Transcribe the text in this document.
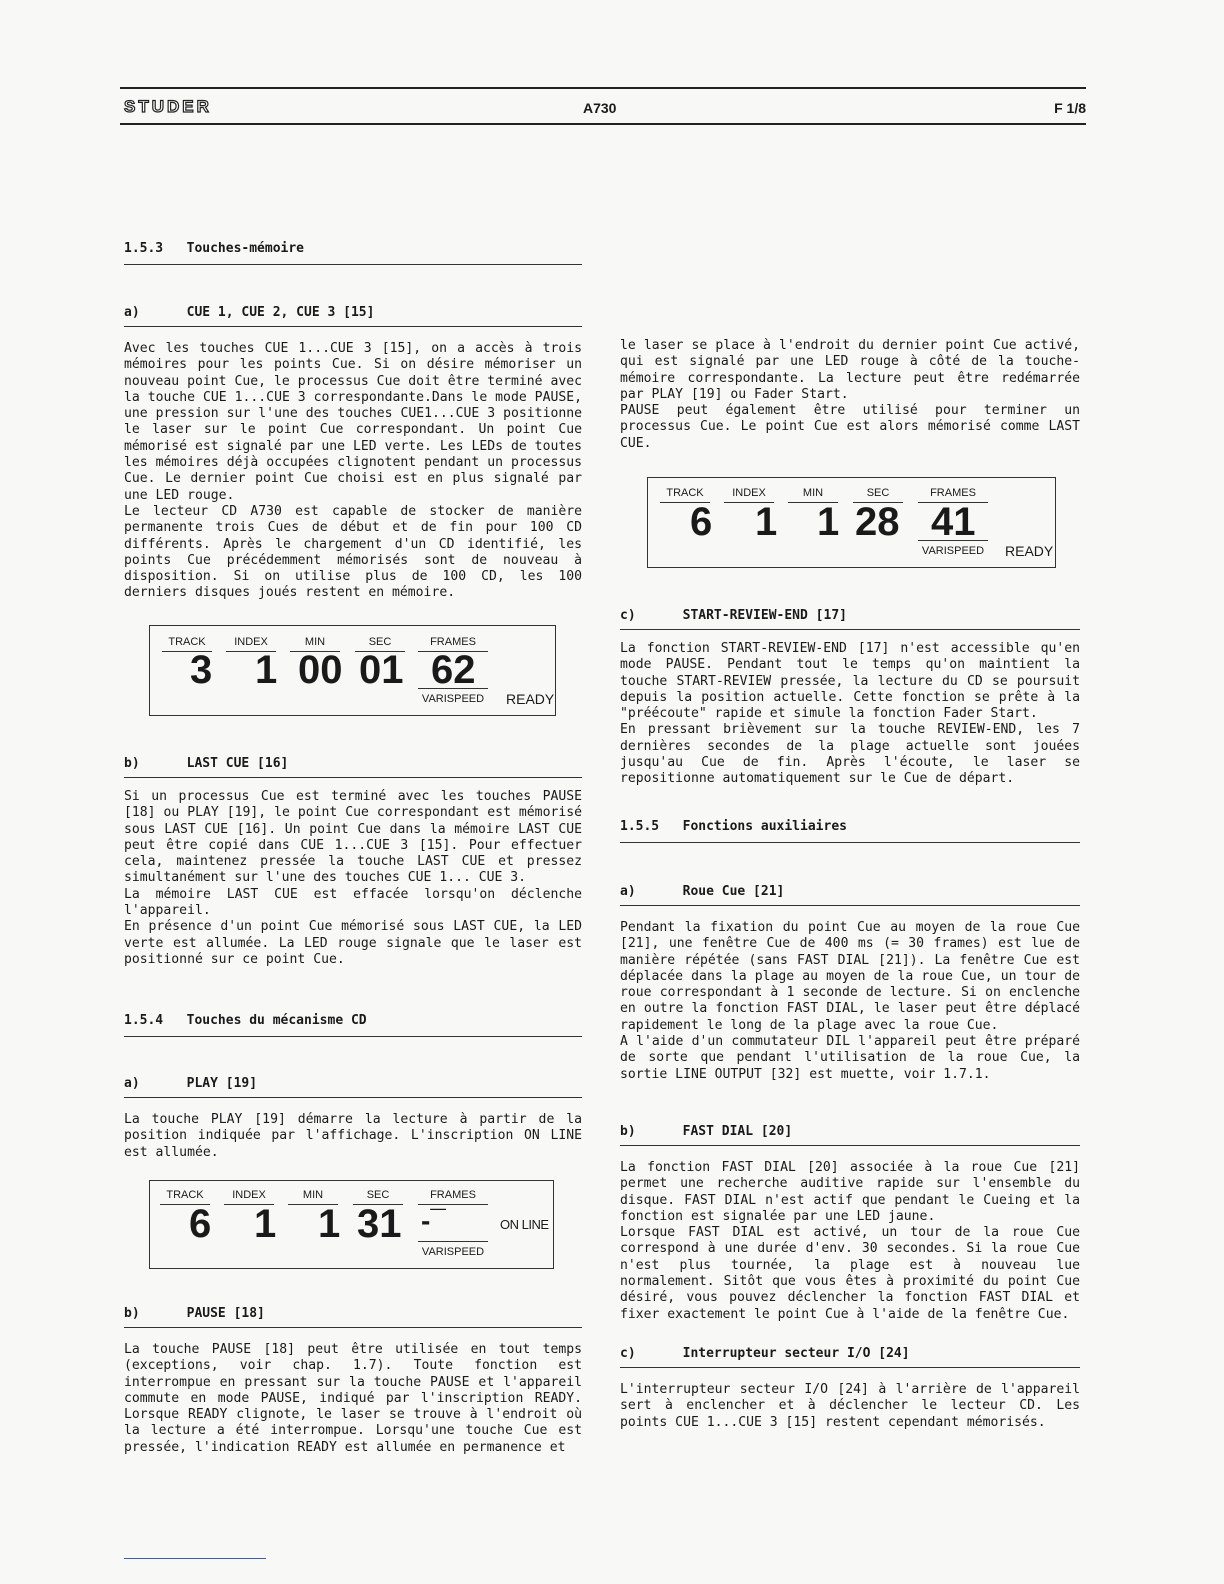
STUDER	A730	F 1/8
1.5.3   Touches-mémoire
a)      CUE 1, CUE 2, CUE 3 [15]

Avec les touches CUE 1...CUE 3 [15], on a accès à trois mémoires pour les points Cue. Si on désire mémoriser un nouveau point Cue, le processus Cue doit être terminé avec la touche CUE 1...CUE 3 correspondante.Dans le mode PAUSE, une pression sur l'une des touches CUE1...CUE 3 positionne le laser sur le point Cue correspondant. Un point Cue mémorisé est signalé par une LED verte. Les LEDs de toutes les mémoires déjà occupées clignotent pendant un processus Cue. Le dernier point Cue choisi est en plus signalé par une LED rouge.

Le lecteur CD A730 est capable de stocker de manière permanente trois Cues de début et de fin pour 100 CD différents. Après le chargement d'un CD identifié, les points Cue précédemment mémorisés sont de nouveau à disposition. Si on utilise plus de 100 CD, les 100 derniers disques joués restent en mémoire.

TRACK	INDEX	MIN	SEC	FRAMES
3 1 00 01 62
VARISPEED READY
b)      LAST CUE [16]

Si un processus Cue est terminé avec les touches PAUSE [18] ou PLAY [19], le point Cue correspondant est mémorisé sous LAST CUE [16]. Un point Cue dans la mémoire LAST CUE peut être copié dans CUE 1...CUE 3 [15]. Pour effectuer cela, maintenez pressée la touche LAST CUE et pressez simultanément sur l'une des touches CUE 1... CUE 3.

La mémoire LAST CUE est effacée lorsqu'on déclenche l'appareil.

En présence d'un point Cue mémorisé sous LAST CUE, la LED verte est allumée. La LED rouge signale que le laser est positionné sur ce point Cue.

1.5.4   Touches du mécanisme CD
a)      PLAY [19]

La touche PLAY [19] démarre la lecture à partir de la position indiquée par l'affichage. L'inscription ON LINE est allumée.

TRACK	INDEX	MIN	SEC	FRAMES
6 1 1 31 -¯
VARISPEED
ON LINE
b)      PAUSE [18]

La touche PAUSE [18] peut être utilisée en tout temps (exceptions, voir chap. 1.7). Toute fonction est interrompue en pressant sur la touche PAUSE et l'appareil commute en mode PAUSE, indiqué par l'inscription READY. Lorsque READY clignote, le laser se trouve à l'endroit où la lecture a été interrompue. Lorsqu'une touche Cue est pressée, l'indication READY est allumée en permanence et

le laser se place à l'endroit du dernier point Cue activé, qui est signalé par une LED rouge à côté de la touche-mémoire correspondante. La lecture peut être redémarrée par PLAY [19] ou Fader Start.

PAUSE peut également être utilisé pour terminer un processus Cue. Le point Cue est alors mémorisé comme LAST CUE.

TRACK	INDEX	MIN	SEC	FRAMES
6 1 1 28 41
VARISPEED READY
c)      START-REVIEW-END [17]

La fonction START-REVIEW-END [17] n'est accessible qu'en mode PAUSE. Pendant tout le temps qu'on maintient la touche START-REVIEW pressée, la lecture du CD se poursuit depuis la position actuelle. Cette fonction se prête à la "préécoute" rapide et simule la fonction Fader Start.

En pressant brièvement sur la touche REVIEW-END, les 7 dernières secondes de la plage actuelle sont jouées jusqu'au Cue de fin. Après l'écoute, le laser se repositionne automatiquement sur le Cue de départ.

1.5.5   Fonctions auxiliaires
a)      Roue Cue [21]

Pendant la fixation du point Cue au moyen de la roue Cue [21], une fenêtre Cue de 400 ms (= 30 frames) est lue de manière répétée (sans FAST DIAL [21]). La fenêtre Cue est déplacée dans la plage au moyen de la roue Cue, un tour de roue correspondant à 1 seconde de lecture. Si on enclenche en outre la fonction FAST DIAL, le laser peut être déplacé rapidement le long de la plage avec la roue Cue.

A l'aide d'un commutateur DIL l'appareil peut être préparé de sorte que pendant l'utilisation de la roue Cue, la sortie LINE OUTPUT [32] est muette, voir 1.7.1.

b)      FAST DIAL [20]

La fonction FAST DIAL [20] associée à la roue Cue [21] permet une recherche auditive rapide sur l'ensemble du disque. FAST DIAL n'est actif que pendant le Cueing et la fonction est signalée par une LED jaune.

Lorsque FAST DIAL est activé, un tour de la roue Cue correspond à une durée d'env. 30 secondes. Si la roue Cue n'est plus tournée, la plage est à nouveau lue normalement. Sitôt que vous êtes à proximité du point Cue désiré, vous pouvez déclencher la fonction FAST DIAL et fixer exactement le point Cue à l'aide de la fenêtre Cue.

c)      Interrupteur secteur I/O [24]

L'interrupteur secteur I/O [24] à l'arrière de l'appareil sert à enclencher et à déclencher le lecteur CD. Les points CUE 1...CUE 3 [15] restent cependant mémorisés.
